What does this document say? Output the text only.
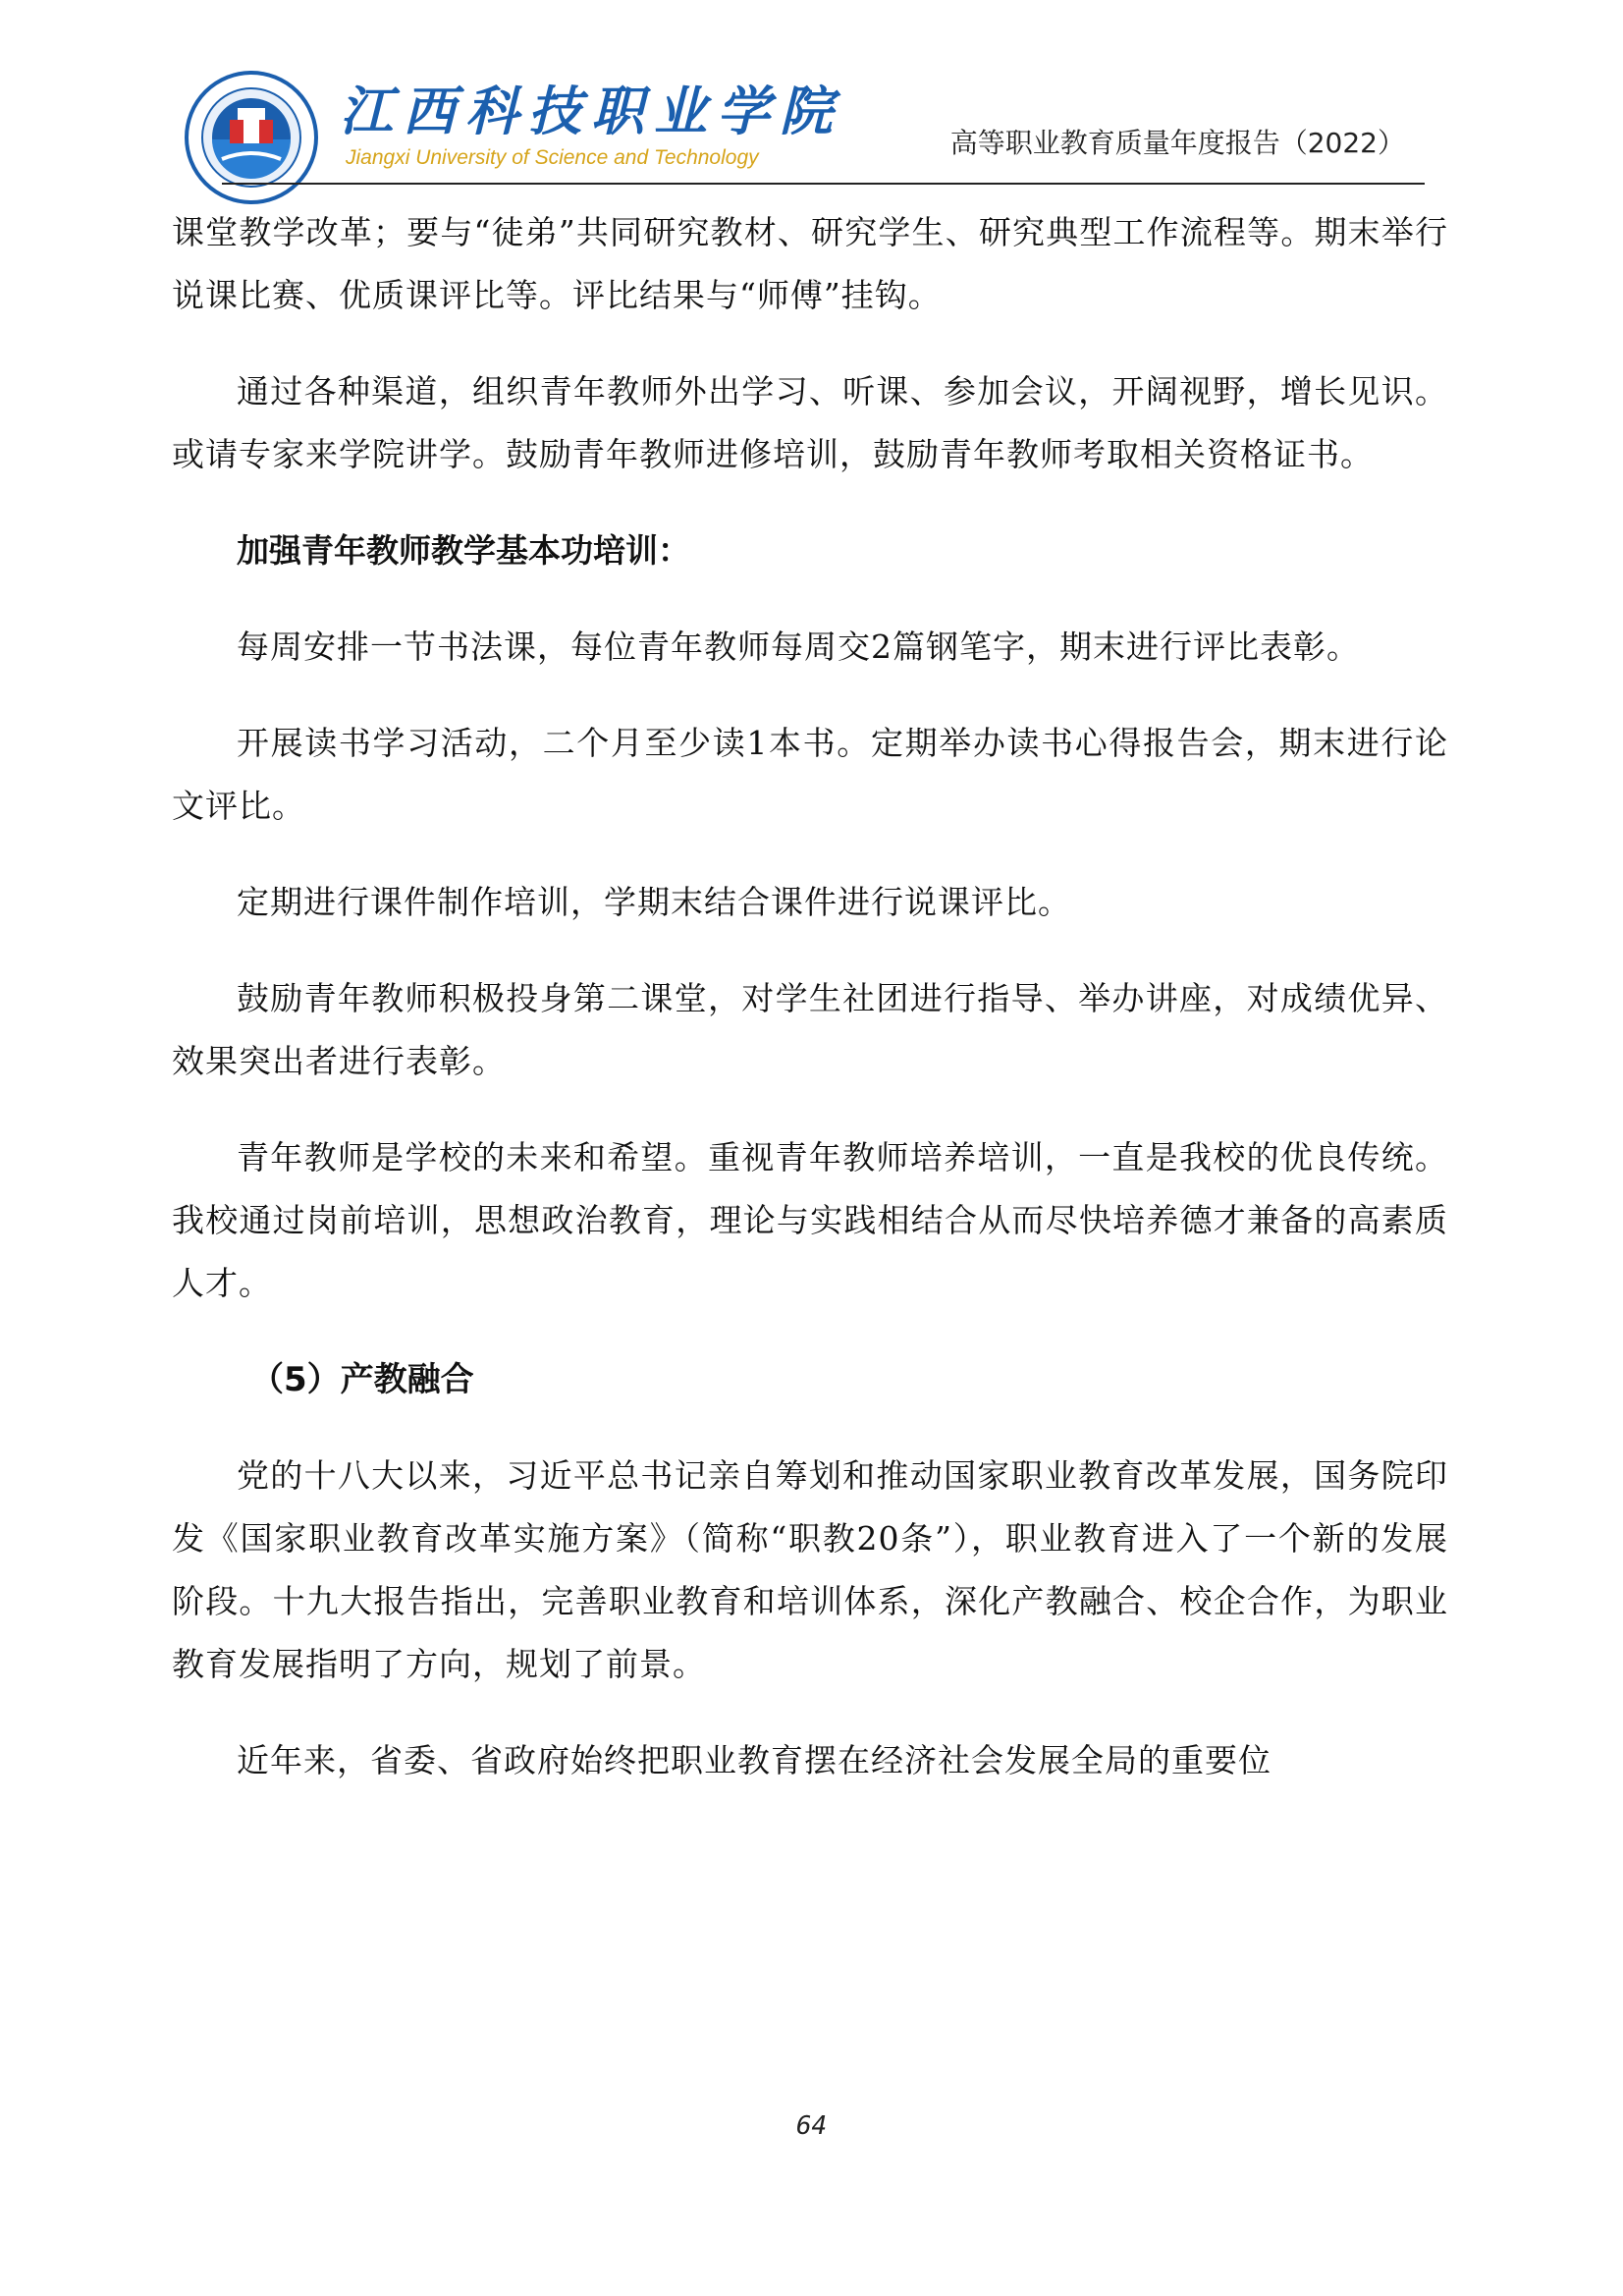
江西科技职业学院
Jiangxi University of Science and Technology	高等职业教育质量年度报告（2022）

课堂教学改革；要与“徒弟”共同研究教材、研究学生、研究典型工作流程等。期末举行说课比赛、优质课评比等。评比结果与“师傅”挂钩。

通过各种渠道，组织青年教师外出学习、听课、参加会议，开阔视野，增长见识。或请专家来学院讲学。鼓励青年教师进修培训，鼓励青年教师考取相关资格证书。

加强青年教师教学基本功培训：

每周安排一节书法课，每位青年教师每周交2篇钢笔字，期末进行评比表彰。

开展读书学习活动，二个月至少读1本书。定期举办读书心得报告会，期末进行论文评比。

定期进行课件制作培训，学期末结合课件进行说课评比。

鼓励青年教师积极投身第二课堂，对学生社团进行指导、举办讲座，对成绩优异、效果突出者进行表彰。

青年教师是学校的未来和希望。重视青年教师培养培训，一直是我校的优良传统。我校通过岗前培训，思想政治教育，理论与实践相结合从而尽快培养德才兼备的高素质人才。

（5）产教融合

党的十八大以来，习近平总书记亲自筹划和推动国家职业教育改革发展，国务院印发《国家职业教育改革实施方案》（简称“职教20条”），职业教育进入了一个新的发展阶段。十九大报告指出，完善职业教育和培训体系，深化产教融合、校企合作，为职业教育发展指明了方向，规划了前景。

近年来，省委、省政府始终把职业教育摆在经济社会发展全局的重要位

64
